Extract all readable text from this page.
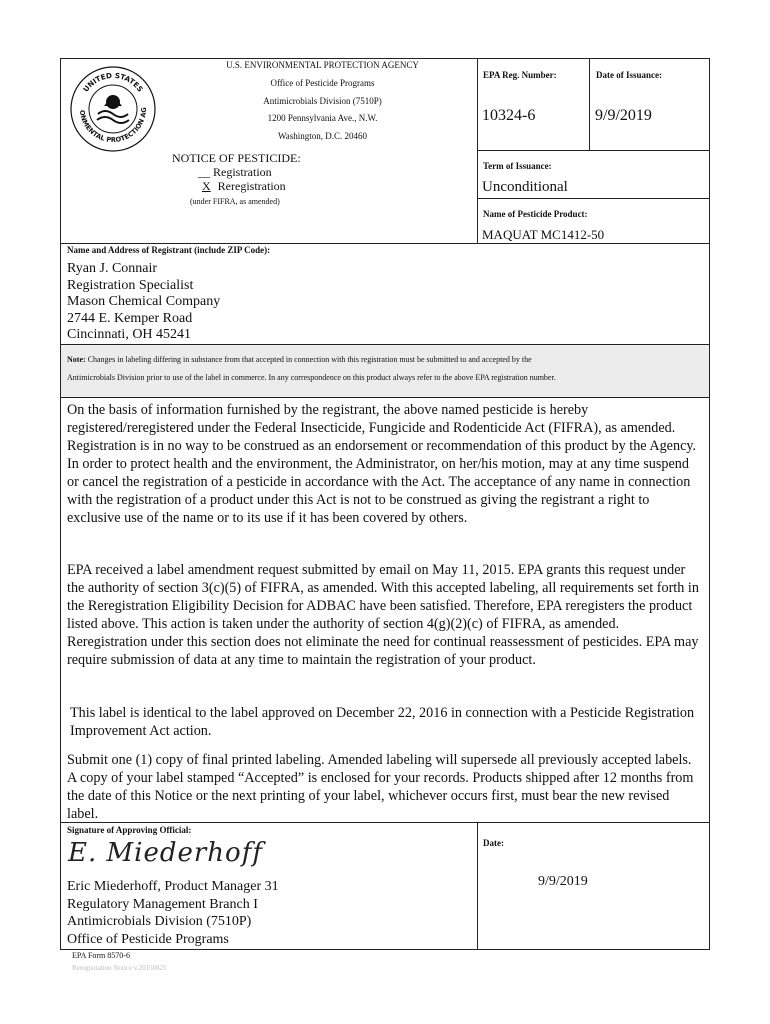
UNITED STATES
ONMENTAL PROTECTION AG
U.S. ENVIRONMENTAL PROTECTION AGENCY
Office of Pesticide Programs
Antimicrobials Division (7510P)
1200 Pennsylvania Ave., N.W.
Washington, D.C. 20460
NOTICE OF PESTICIDE:
__ Registration
X Reregistration
(under FIFRA, as amended)
EPA Reg. Number:
10324-6
Date of Issuance:
9/9/2019
Term of Issuance:
Unconditional
Name of Pesticide Product:
MAQUAT MC1412-50
Name and Address of Registrant (include ZIP Code):
Ryan J. Connair
Registration Specialist
Mason Chemical Company
2744 E. Kemper Road
Cincinnati, OH 45241
Note: Changes in labeling differing in substance from that accepted in connection with this registration must be submitted to and accepted by the
Antimicrobials Division prior to use of the label in commerce. In any correspondence on this product always refer to the above EPA registration number.
On the basis of information furnished by the registrant, the above named pesticide is hereby registered/reregistered under the Federal Insecticide, Fungicide and Rodenticide Act (FIFRA), as amended. Registration is in no way to be construed as an endorsement or recommendation of this product by the Agency. In order to protect health and the environment, the Administrator, on her/his motion, may at any time suspend or cancel the registration of a pesticide in accordance with the Act. The acceptance of any name in connection with the registration of a product under this Act is not to be construed as giving the registrant a right to exclusive use of the name or to its use if it has been covered by others.
EPA received a label amendment request submitted by email on May 11, 2015. EPA grants this request under the authority of section 3(c)(5) of FIFRA, as amended. With this accepted labeling, all requirements set forth in the Reregistration Eligibility Decision for ADBAC have been satisfied. Therefore, EPA reregisters the product listed above. This action is taken under the authority of section 4(g)(2)(c) of FIFRA, as amended. Reregistration under this section does not eliminate the need for continual reassessment of pesticides. EPA may require submission of data at any time to maintain the registration of your product.
This label is identical to the label approved on December 22, 2016 in connection with a Pesticide Registration Improvement Act action.
Submit one (1) copy of final printed labeling. Amended labeling will supersede all previously accepted labels. A copy of your label stamped “Accepted” is enclosed for your records. Products shipped after 12 months from the date of this Notice or the next printing of your label, whichever occurs first, must bear the new revised label.
Signature of Approving Official:
E. Miederhoff
Eric Miederhoff, Product Manager 31
Regulatory Management Branch I
Antimicrobials Division (7510P)
Office of Pesticide Programs
Date:
9/9/2019
EPA Form 8570-6
Reregistration Notice v.20150821
